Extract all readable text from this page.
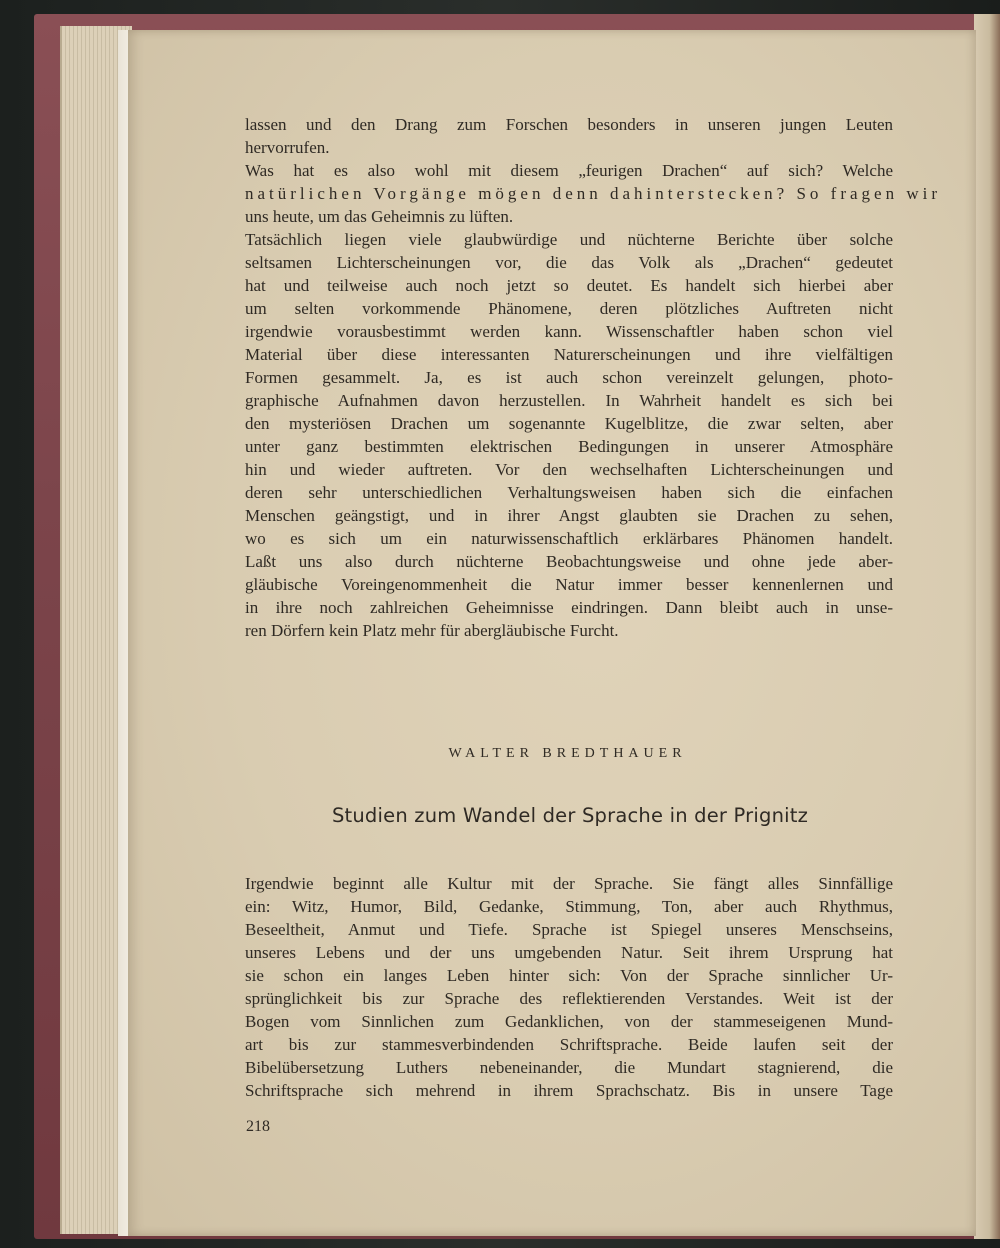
lassen und den Drang zum Forschen besonders in unseren jungen Leuten
hervorrufen.
Was hat es also wohl mit diesem „feurigen Drachen“ auf sich? Welche
natürlichen Vorgänge mögen denn dahinterstecken? So fragen wir
uns heute, um das Geheimnis zu lüften.
Tatsächlich liegen viele glaubwürdige und nüchterne Berichte über solche
seltsamen Lichterscheinungen vor, die das Volk als „Drachen“ gedeutet
hat und teilweise auch noch jetzt so deutet. Es handelt sich hierbei aber
um selten vorkommende Phänomene, deren plötzliches Auftreten nicht
irgendwie vorausbestimmt werden kann. Wissenschaftler haben schon viel
Material über diese interessanten Naturerscheinungen und ihre vielfältigen
Formen gesammelt. Ja, es ist auch schon vereinzelt gelungen, photo-
graphische Aufnahmen davon herzustellen. In Wahrheit handelt es sich bei
den mysteriösen Drachen um sogenannte Kugelblitze, die zwar selten, aber
unter ganz bestimmten elektrischen Bedingungen in unserer Atmosphäre
hin und wieder auftreten. Vor den wechselhaften Lichterscheinungen und
deren sehr unterschiedlichen Verhaltungsweisen haben sich die einfachen
Menschen geängstigt, und in ihrer Angst glaubten sie Drachen zu sehen,
wo es sich um ein naturwissenschaftlich erklärbares Phänomen handelt.
Laßt uns also durch nüchterne Beobachtungsweise und ohne jede aber-
gläubische Voreingenommenheit die Natur immer besser kennenlernen und
in ihre noch zahlreichen Geheimnisse eindringen. Dann bleibt auch in unse-
ren Dörfern kein Platz mehr für abergläubische Furcht.
WALTER BREDTHAUER
Studien zum Wandel der Sprache in der Prignitz
Irgendwie beginnt alle Kultur mit der Sprache. Sie fängt alles Sinnfällige
ein: Witz, Humor, Bild, Gedanke, Stimmung, Ton, aber auch Rhythmus,
Beseeltheit, Anmut und Tiefe. Sprache ist Spiegel unseres Menschseins,
unseres Lebens und der uns umgebenden Natur. Seit ihrem Ursprung hat
sie schon ein langes Leben hinter sich: Von der Sprache sinnlicher Ur-
sprünglichkeit bis zur Sprache des reflektierenden Verstandes. Weit ist der
Bogen vom Sinnlichen zum Gedanklichen, von der stammeseigenen Mund-
art bis zur stammesverbindenden Schriftsprache. Beide laufen seit der
Bibelübersetzung Luthers nebeneinander, die Mundart stagnierend, die
Schriftsprache sich mehrend in ihrem Sprachschatz. Bis in unsere Tage
218
